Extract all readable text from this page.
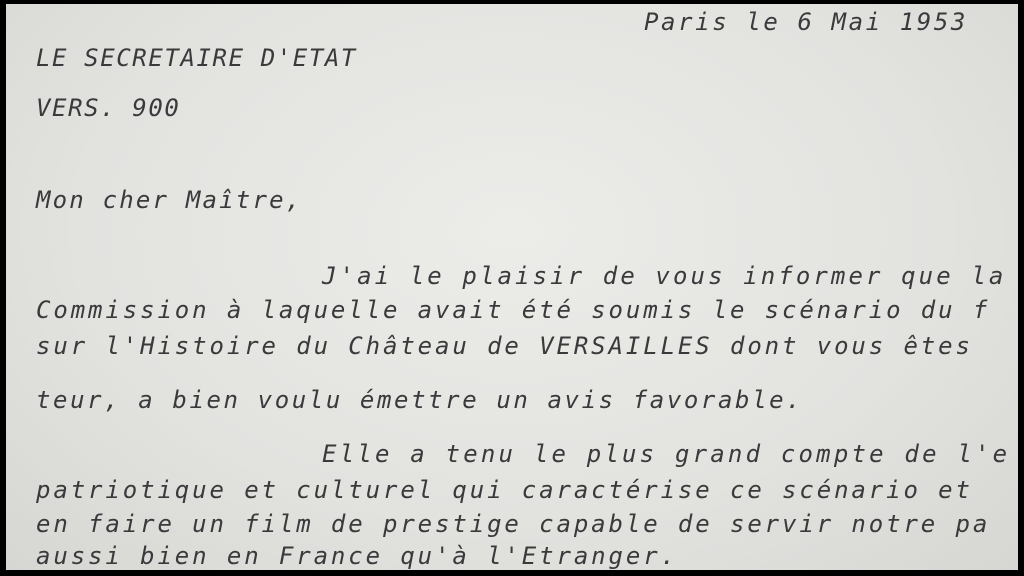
Paris le 6 Mai 1953
LE SECRETAIRE D'ETAT
VERS. 900
Mon cher Maître,
J'ai le plaisir de vous informer que la
Commission à laquelle avait été soumis le scénario du f
sur l'Histoire du Château de VERSAILLES dont vous êtes
teur, a bien voulu émettre un avis favorable.
Elle a tenu le plus grand compte de l'e
patriotique et culturel qui caractérise ce scénario et
en faire un film de prestige capable de servir notre pa
aussi bien en France qu'à l'Etranger.
